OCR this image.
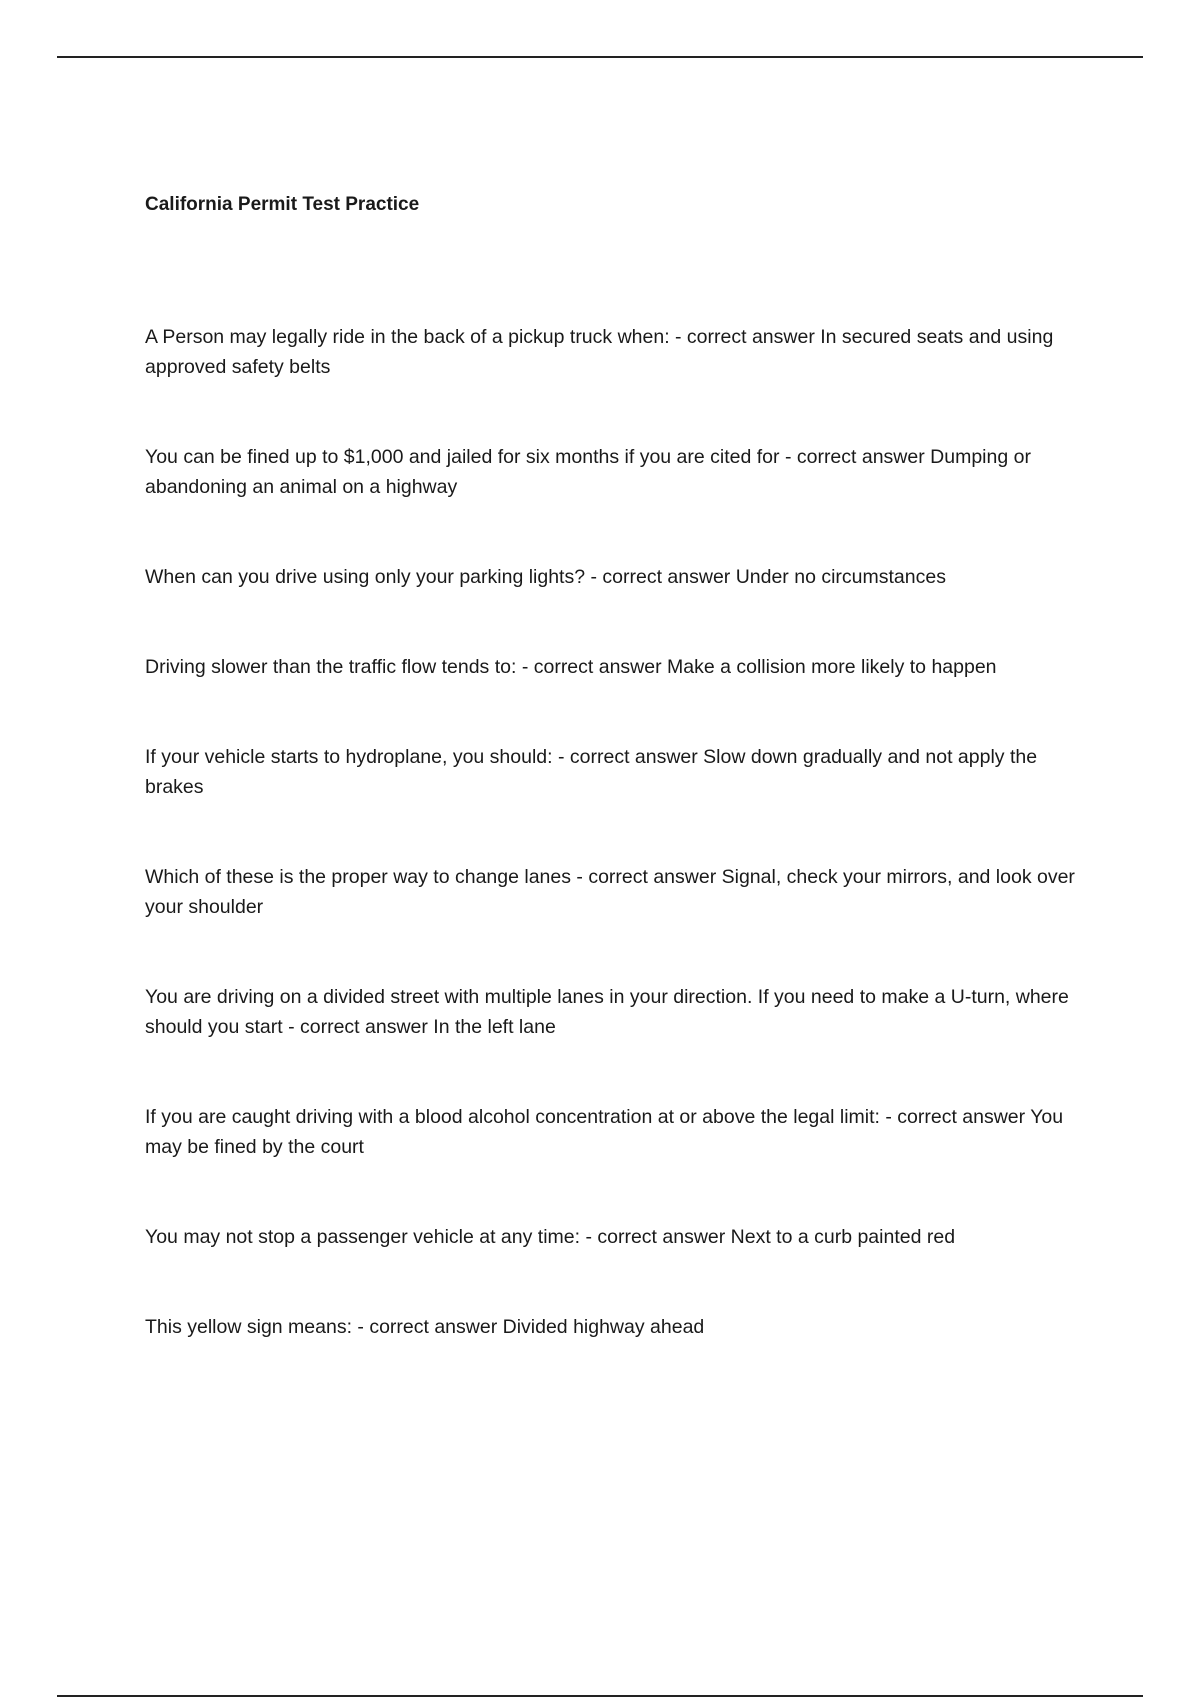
California Permit Test Practice
A Person may legally ride in the back of a pickup truck when: - correct answer In secured seats and using approved safety belts
You can be fined up to $1,000 and jailed for six months if you are cited for - correct answer Dumping or abandoning an animal on a highway
When can you drive using only your parking lights? - correct answer Under no circumstances
Driving slower than the traffic flow tends to: - correct answer Make a collision more likely to happen
If your vehicle starts to hydroplane, you should: - correct answer Slow down gradually and not apply the brakes
Which of these is the proper way to change lanes - correct answer Signal, check your mirrors, and look over your shoulder
You are driving on a divided street with multiple lanes in your direction. If you need to make a U-turn, where should you start - correct answer In the left lane
If you are caught driving with a blood alcohol concentration at or above the legal limit: - correct answer You may be fined by the court
You may not stop a passenger vehicle at any time: - correct answer Next to a curb painted red
This yellow sign means: - correct answer Divided highway ahead
